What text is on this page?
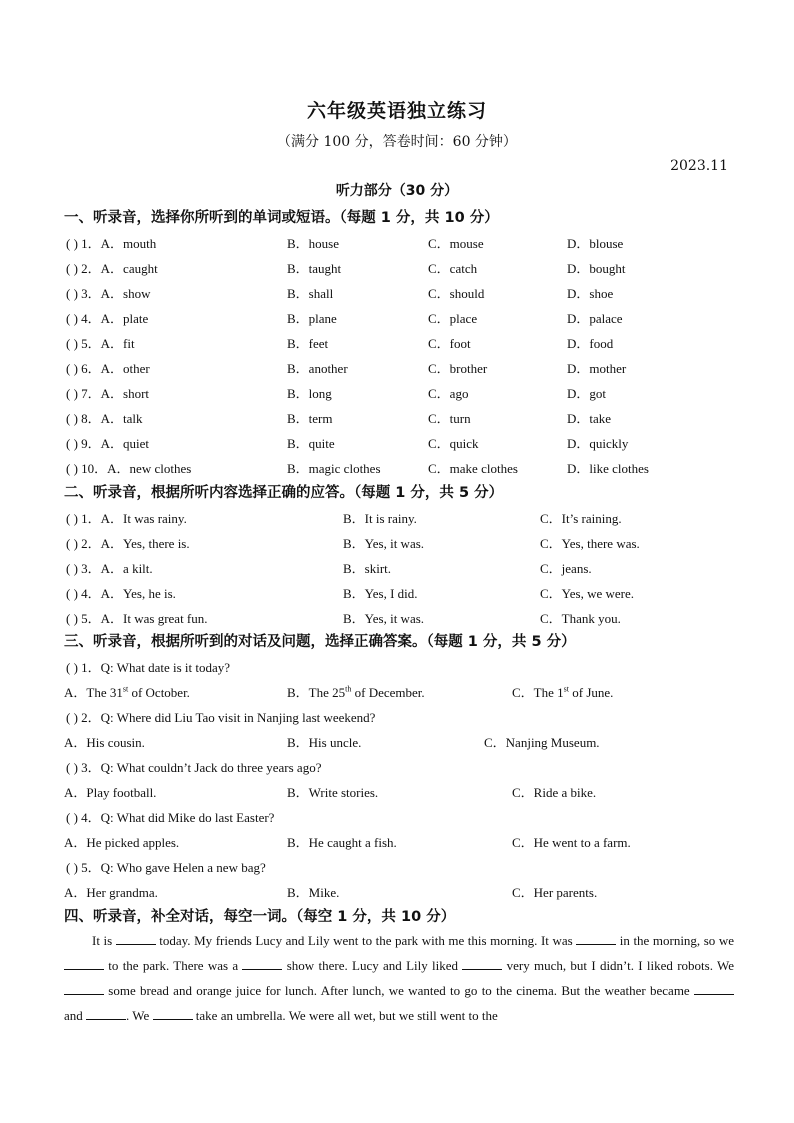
六年级英语独立练习
（满分 100 分，答卷时间：60 分钟）
2023.11
听力部分（30 分）
一、听录音，选择你所听到的单词或短语。（每题 1 分，共 10 分）
( ) 1．A．mouth	B．house	C．mouse	D．blouse
( ) 2．A．caught	B．taught	C．catch	D．bought
( ) 3．A．show	B．shall	C．should	D．shoe
( ) 4．A．plate	B．plane	C．place	D．palace
( ) 5．A．fit	B．feet	C．foot	D．food
( ) 6．A．other	B．another	C．brother	D．mother
( ) 7．A．short	B．long	C．ago	D．got
( ) 8．A．talk	B．term	C．turn	D．take
( ) 9．A．quiet	B．quite	C．quick	D．quickly
( ) 10．A．new clothes	B．magic clothes	C．make clothes	D．like clothes
二、听录音，根据所听内容选择正确的应答。（每题 1 分，共 5 分）
( ) 1．A．It was rainy.	B．It is rainy.	C．It’s raining.
( ) 2．A．Yes, there is.	B．Yes, it was.	C．Yes, there was.
( ) 3．A．a kilt.	B．skirt.	C．jeans.
( ) 4．A．Yes, he is.	B．Yes, I did.	C．Yes, we were.
( ) 5．A．It was great fun.	B．Yes, it was.	C．Thank you.
三、听录音，根据所听到的对话及问题，选择正确答案。（每题 1 分，共 5 分）
( ) 1．Q: What date is it today?
A．The 31st of October.	B．The 25th of December.	C．The 1st of June.
( ) 2．Q: Where did Liu Tao visit in Nanjing last weekend?
A．His cousin.	B．His uncle.	C．Nanjing Museum.
( ) 3．Q: What couldn’t Jack do three years ago?
A．Play football.	B．Write stories.	C．Ride a bike.
( ) 4．Q: What did Mike do last Easter?
A．He picked apples.	B．He caught a fish.	C．He went to a farm.
( ) 5．Q: Who gave Helen a new bag?
A．Her grandma.	B．Mike.	C．Her parents.
四、听录音，补全对话，每空一词。（每空 1 分，共 10 分）

It is	today. My friends Lucy and Lily went to the park with me this morning. It was	in the morning, so we  to the park. There was a	show there. Lucy and Lily liked	very much, but I didn’t. I liked robots. We  some bread and orange juice for lunch. After lunch, we wanted to go to the cinema. But the weather became  and	. We	take an umbrella. We were all wet, but we still went to the
